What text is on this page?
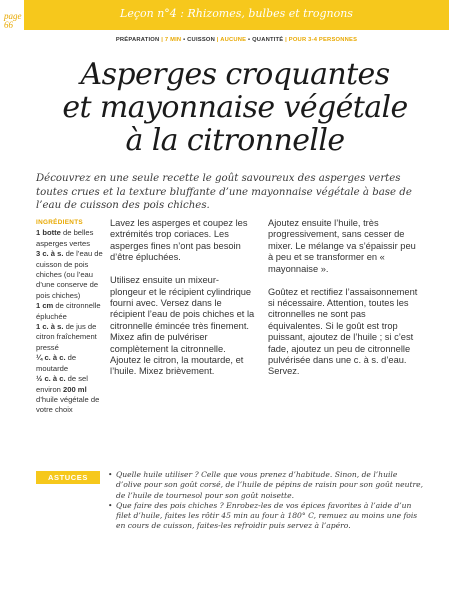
page
66
Leçon n°4 : Rhizomes, bulbes et trognons
PRÉPARATION | 7 MIN • CUISSON | AUCUNE • QUANTITÉ | POUR 3-4 PERSONNES
Asperges croquantes
et mayonnaise végétale
à la citronnelle
Découvrez en une seule recette le goût savoureux des asperges vertes toutes crues et la texture bluffante d’une mayonnaise végétale à base de l’eau de cuisson des pois chiches.
INGRÉDIENTS
1 botte de belles asperges vertes
3 c. à s. de l’eau de cuisson de pois chiches (ou l’eau d’une conserve de pois chiches)
1 cm de citronnelle épluchée
1 c. à s. de jus de citron fraîchement pressé
¼ c. à c. de moutarde
½ c. à c. de sel environ 200 ml d’huile végétale de votre choix

Lavez les asperges et coupez les extrémités trop coriaces. Les asperges fines n’ont pas besoin d’être épluchées.

Utilisez ensuite un mixeur-plongeur et le récipient cylindrique fourni avec. Versez dans le récipient l’eau de pois chiches et la citronnelle émincée très finement. Mixez afin de pulvériser complètement la citronnelle. Ajoutez le citron, la moutarde, et l’huile. Mixez brièvement.

Ajoutez ensuite l’huile, très progressivement, sans cesser de mixer. Le mélange va s’épaissir peu à peu et se transformer en « mayonnaise ».

Goûtez et rectifiez l’assaisonnement si nécessaire. Attention, toutes les citronnelles ne sont pas équivalentes. Si le goût est trop puissant, ajoutez de l’huile ; si c’est fade, ajoutez un peu de citronnelle pulvérisée dans une c. à s. d’eau. Servez.

ASTUCES	• Quelle huile utiliser ? Celle que vous prenez d’habitude. Sinon, de l’huile d’olive pour son goût corsé, de l’huile de pépins de raisin pour son goût neutre, de l’huile de tournesol pour son goût noisette.
• Que faire des pois chiches ? Enrobez-les de vos épices favorites à l’aide d’un filet d’huile, faites les rôtir 45 min au four à 180° C, remuez au moins une fois en cours de cuisson, faites-les refroidir puis servez à l’apéro.
